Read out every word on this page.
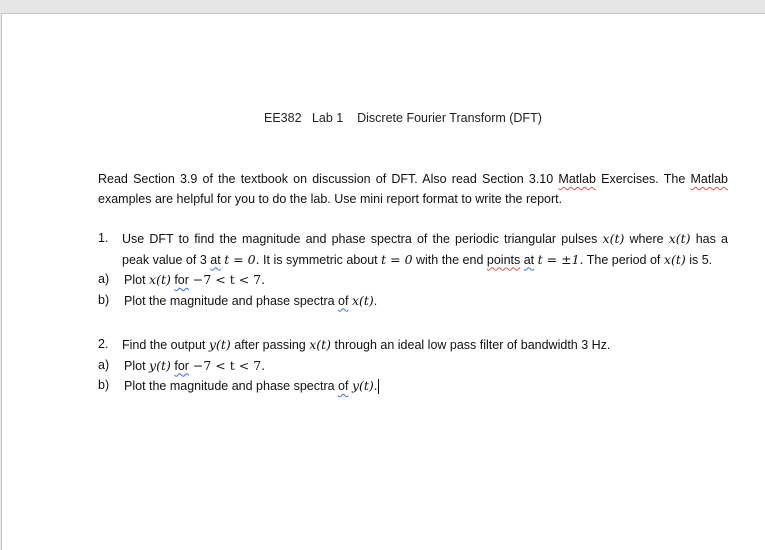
EE382   Lab 1    Discrete Fourier Transform (DFT)
Read Section 3.9 of the textbook on discussion of DFT. Also read Section 3.10 Matlab Exercises. The Matlab examples are helpful for you to do the lab. Use mini report format to write the report.
1. Use DFT to find the magnitude and phase spectra of the periodic triangular pulses x(t) where x(t) has a peak value of 3 at t = 0. It is symmetric about t = 0 with the end points at t = ±1. The period of x(t) is 5.
a) Plot x(t) for −7 < t < 7.
b) Plot the magnitude and phase spectra of x(t).
2. Find the output y(t) after passing x(t) through an ideal low pass filter of bandwidth 3 Hz.
a) Plot y(t) for −7 < t < 7.
b) Plot the magnitude and phase spectra of y(t).
